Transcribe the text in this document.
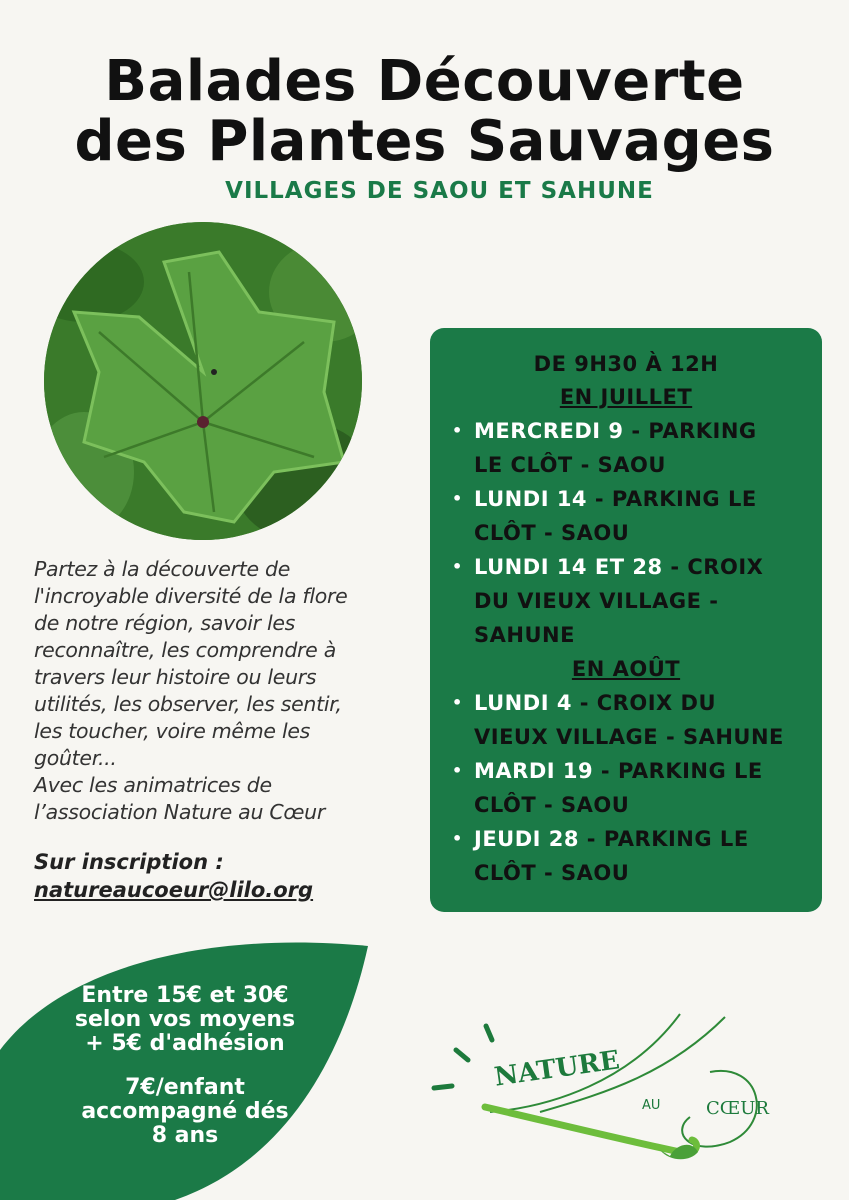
Balades Découverte
des Plantes Sauvages
VILLAGES DE SAOU ET SAHUNE

Partez à la découverte de

l'incroyable diversité de la flore

de notre région, savoir les

reconnaître, les comprendre à

travers leur histoire ou leurs

utilités, les observer, les sentir,

les toucher, voire même les

goûter...

Avec les animatrices de

l’association Nature au Cœur

Sur inscription :
natureaucoeur@lilo.org
DE 9H30 À 12H
EN JUILLET
• MERCREDI 9 - PARKING
LE CLÔT - SAOU
• LUNDI 14 - PARKING LE
CLÔT - SAOU
• LUNDI 14 ET 28 - CROIX
DU VIEUX VILLAGE -
SAHUNE
EN AOÛT
• LUNDI 4 - CROIX DU
VIEUX VILLAGE - SAHUNE
• MARDI 19 - PARKING LE
CLÔT - SAOU
• JEUDI 28 - PARKING LE
CLÔT - SAOU

Entre 15€ et 30€

selon vos moyens

+ 5€ d'adhésion

7€/enfant

accompagné dés

8 ans

NATURE
AU	CŒUR
